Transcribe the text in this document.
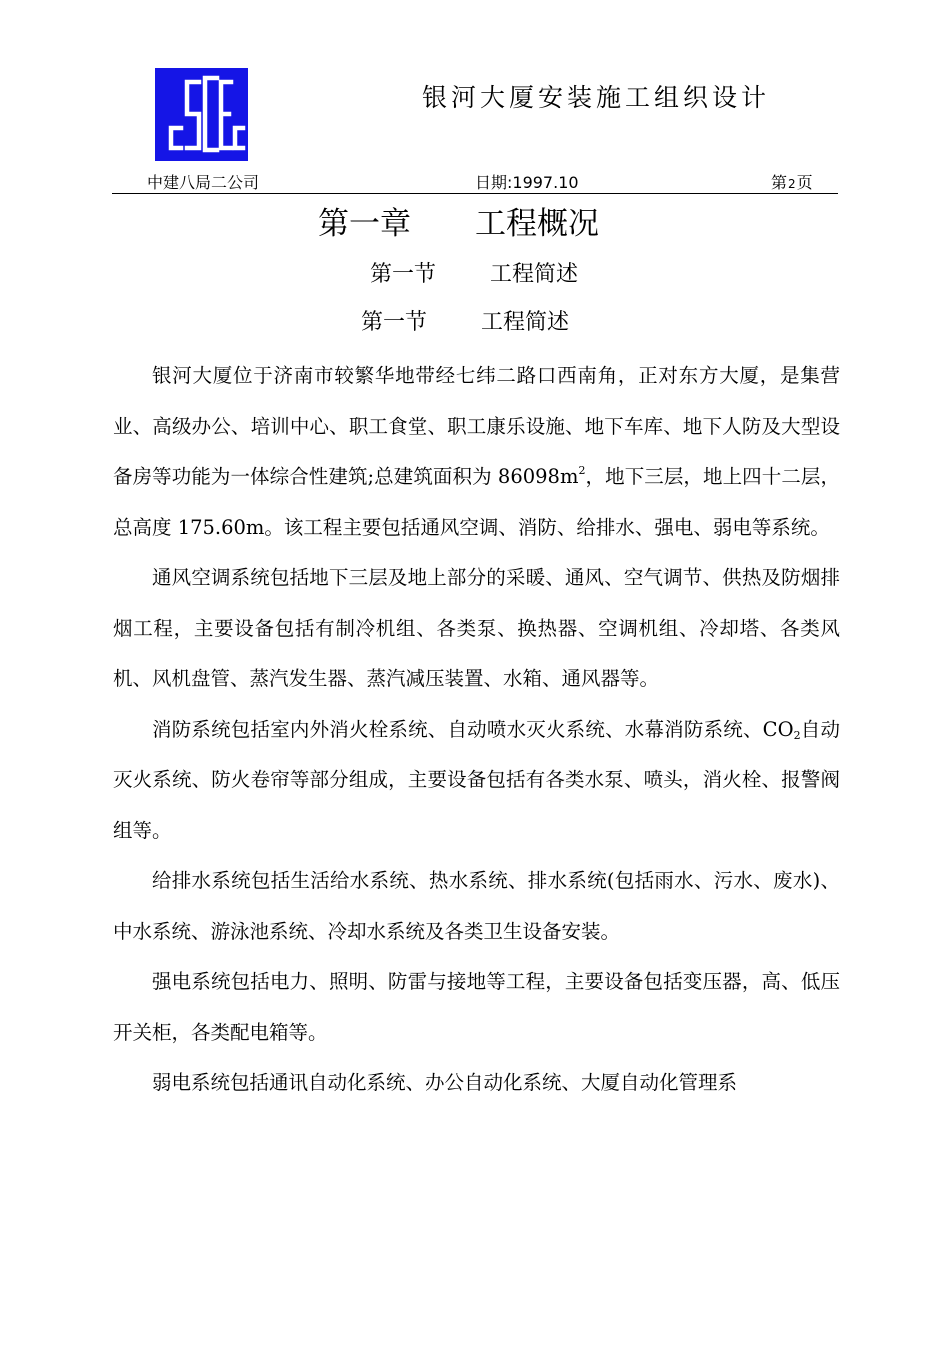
银河大厦安装施工组织设计
中建八局二公司	日期:1997.10	第2页
第一章 工程概况
第一节 工程简述
第一节 工程简述

银河大厦位于济南市较繁华地带经七纬二路口西南角，正对东方大厦，是集营业、高级办公、培训中心、职工食堂、职工康乐设施、地下车库、地下人防及大型设备房等功能为一体综合性建筑;总建筑面积为 $86098m^2$，地下三层，地上四十二层，总高度 175.60m。该工程主要包括通风空调、消防、给排水、强电、弱电等系统。

通风空调系统包括地下三层及地上部分的采暖、通风、空气调节、供热及防烟排烟工程，主要设备包括有制冷机组、各类泵、换热器、空调机组、冷却塔、各类风机、风机盘管、蒸汽发生器、蒸汽减压装置、水箱、通风器等。

消防系统包括室内外消火栓系统、自动喷水灭火系统、水幕消防系统、$CO_2$自动灭火系统、防火卷帘等部分组成，主要设备包括有各类水泵、喷头，消火栓、报警阀组等。

给排水系统包括生活给水系统、热水系统、排水系统(包括雨水、污水、废水)、中水系统、游泳池系统、冷却水系统及各类卫生设备安装。

强电系统包括电力、照明、防雷与接地等工程，主要设备包括变压器，高、低压开关柜，各类配电箱等。

弱电系统包括通讯自动化系统、办公自动化系统、大厦自动化管理系
